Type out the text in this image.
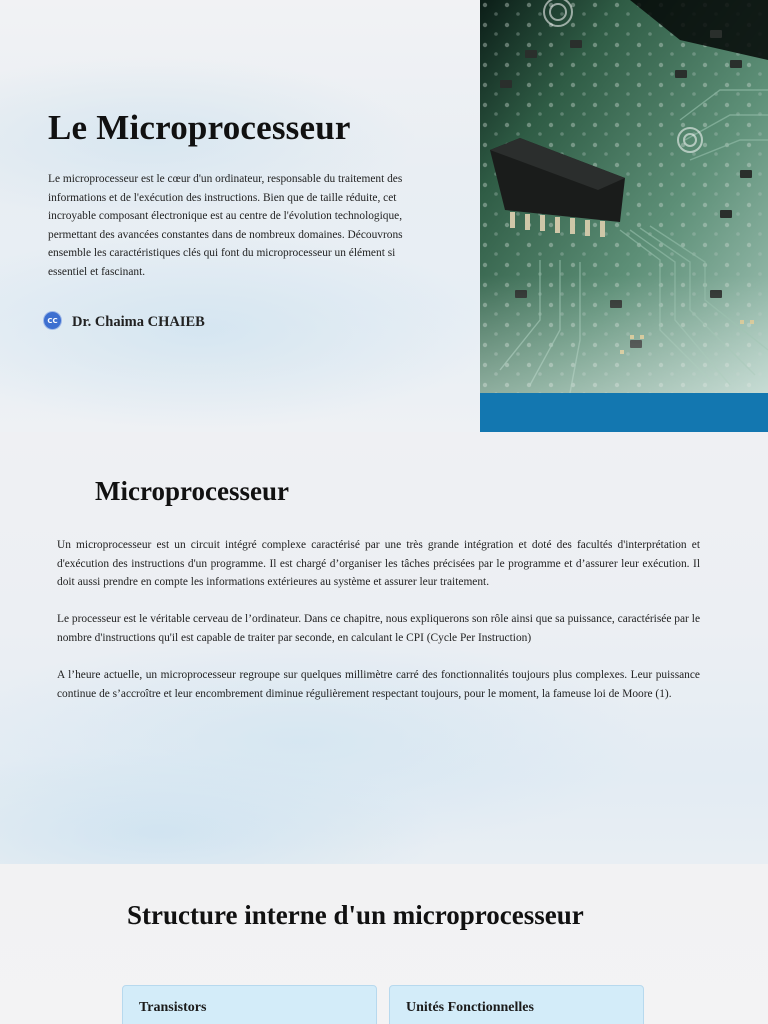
Le Microprocesseur

Le microprocesseur est le cœur d'un ordinateur, responsable du traitement des informations et de l'exécution des instructions. Bien que de taille réduite, cet incroyable composant électronique est au centre de l'évolution technologique, permettant des avancées constantes dans de nombreux domaines. Découvrons ensemble les caractéristiques clés qui font du microprocesseur un élément si essentiel et fascinant.

CC Dr. Chaima CHAIEB
Microprocesseur

Un microprocesseur est un circuit intégré complexe caractérisé par une très grande intégration et doté des facultés d'interprétation et d'exécution des instructions d'un programme. Il est chargé d’organiser les tâches précisées par le programme et d’assurer leur exécution. Il doit aussi prendre en compte les informations extérieures au système et assurer leur traitement.

Le processeur est le véritable cerveau de l’ordinateur. Dans ce chapitre, nous expliquerons son rôle ainsi que sa puissance, caractérisée par le nombre d'instructions qu'il est capable de traiter par seconde, en calculant le CPI (Cycle Per Instruction)

A l’heure actuelle, un microprocesseur regroupe sur quelques millimètre carré des fonctionnalités toujours plus complexes. Leur puissance continue de s’accroître et leur encombrement diminue régulièrement respectant toujours, pour le moment, la fameuse loi de Moore (1).

Structure interne d'un microprocesseur
Transistors	Unités Fonctionnelles
